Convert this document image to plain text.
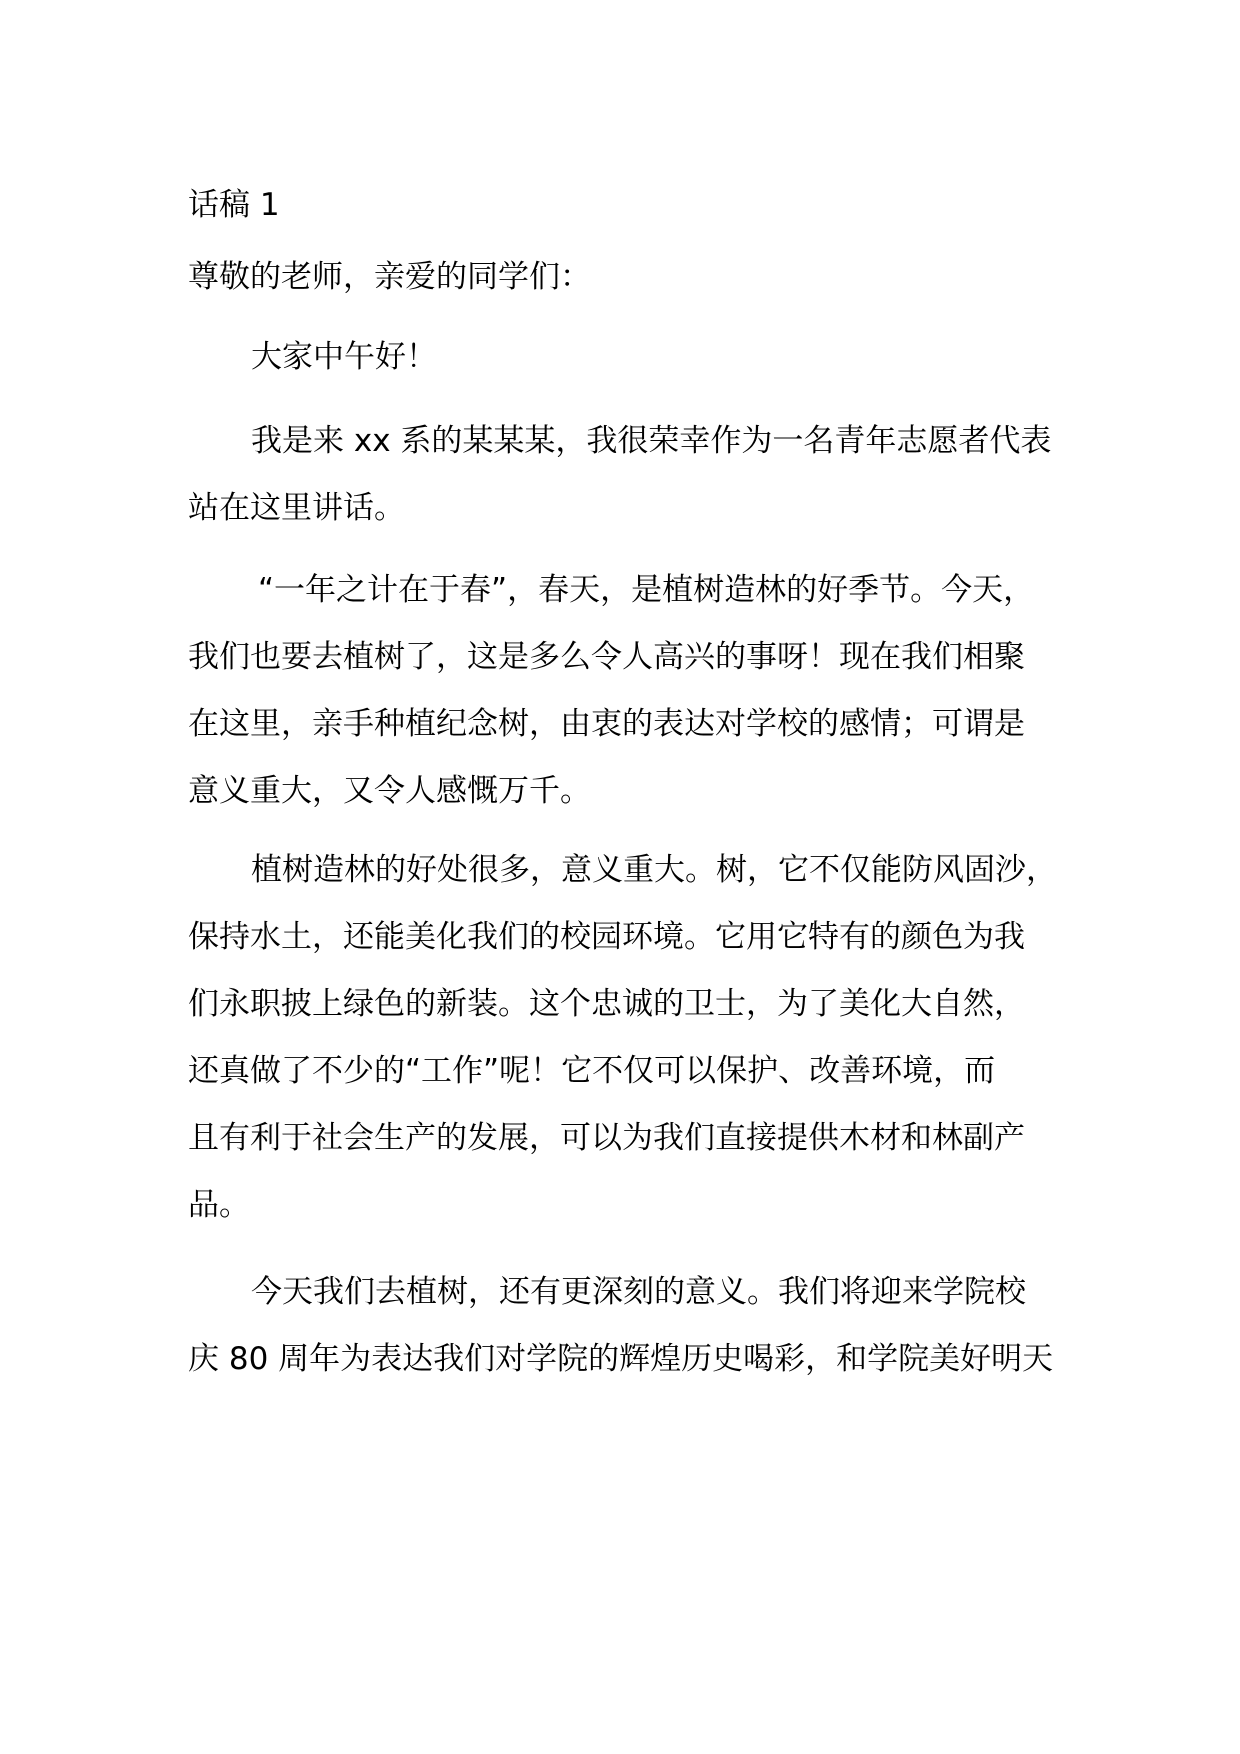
话稿 1
尊敬的老师，亲爱的同学们：
大家中午好！
我是来 xx 系的某某某，我很荣幸作为一名青年志愿者代表
站在这里讲话。
“一年之计在于春”，春天，是植树造林的好季节。今天，
我们也要去植树了，这是多么令人高兴的事呀！现在我们相聚
在这里，亲手种植纪念树，由衷的表达对学校的感情；可谓是
意义重大，又令人感慨万千。
植树造林的好处很多，意义重大。树，它不仅能防风固沙，
保持水土，还能美化我们的校园环境。它用它特有的颜色为我
们永职披上绿色的新装。这个忠诚的卫士，为了美化大自然，
还真做了不少的“工作”呢！它不仅可以保护、改善环境，而
且有利于社会生产的发展，可以为我们直接提供木材和林副产
品。
今天我们去植树，还有更深刻的意义。我们将迎来学院校
庆 80 周年为表达我们对学院的辉煌历史喝彩，和学院美好明天
